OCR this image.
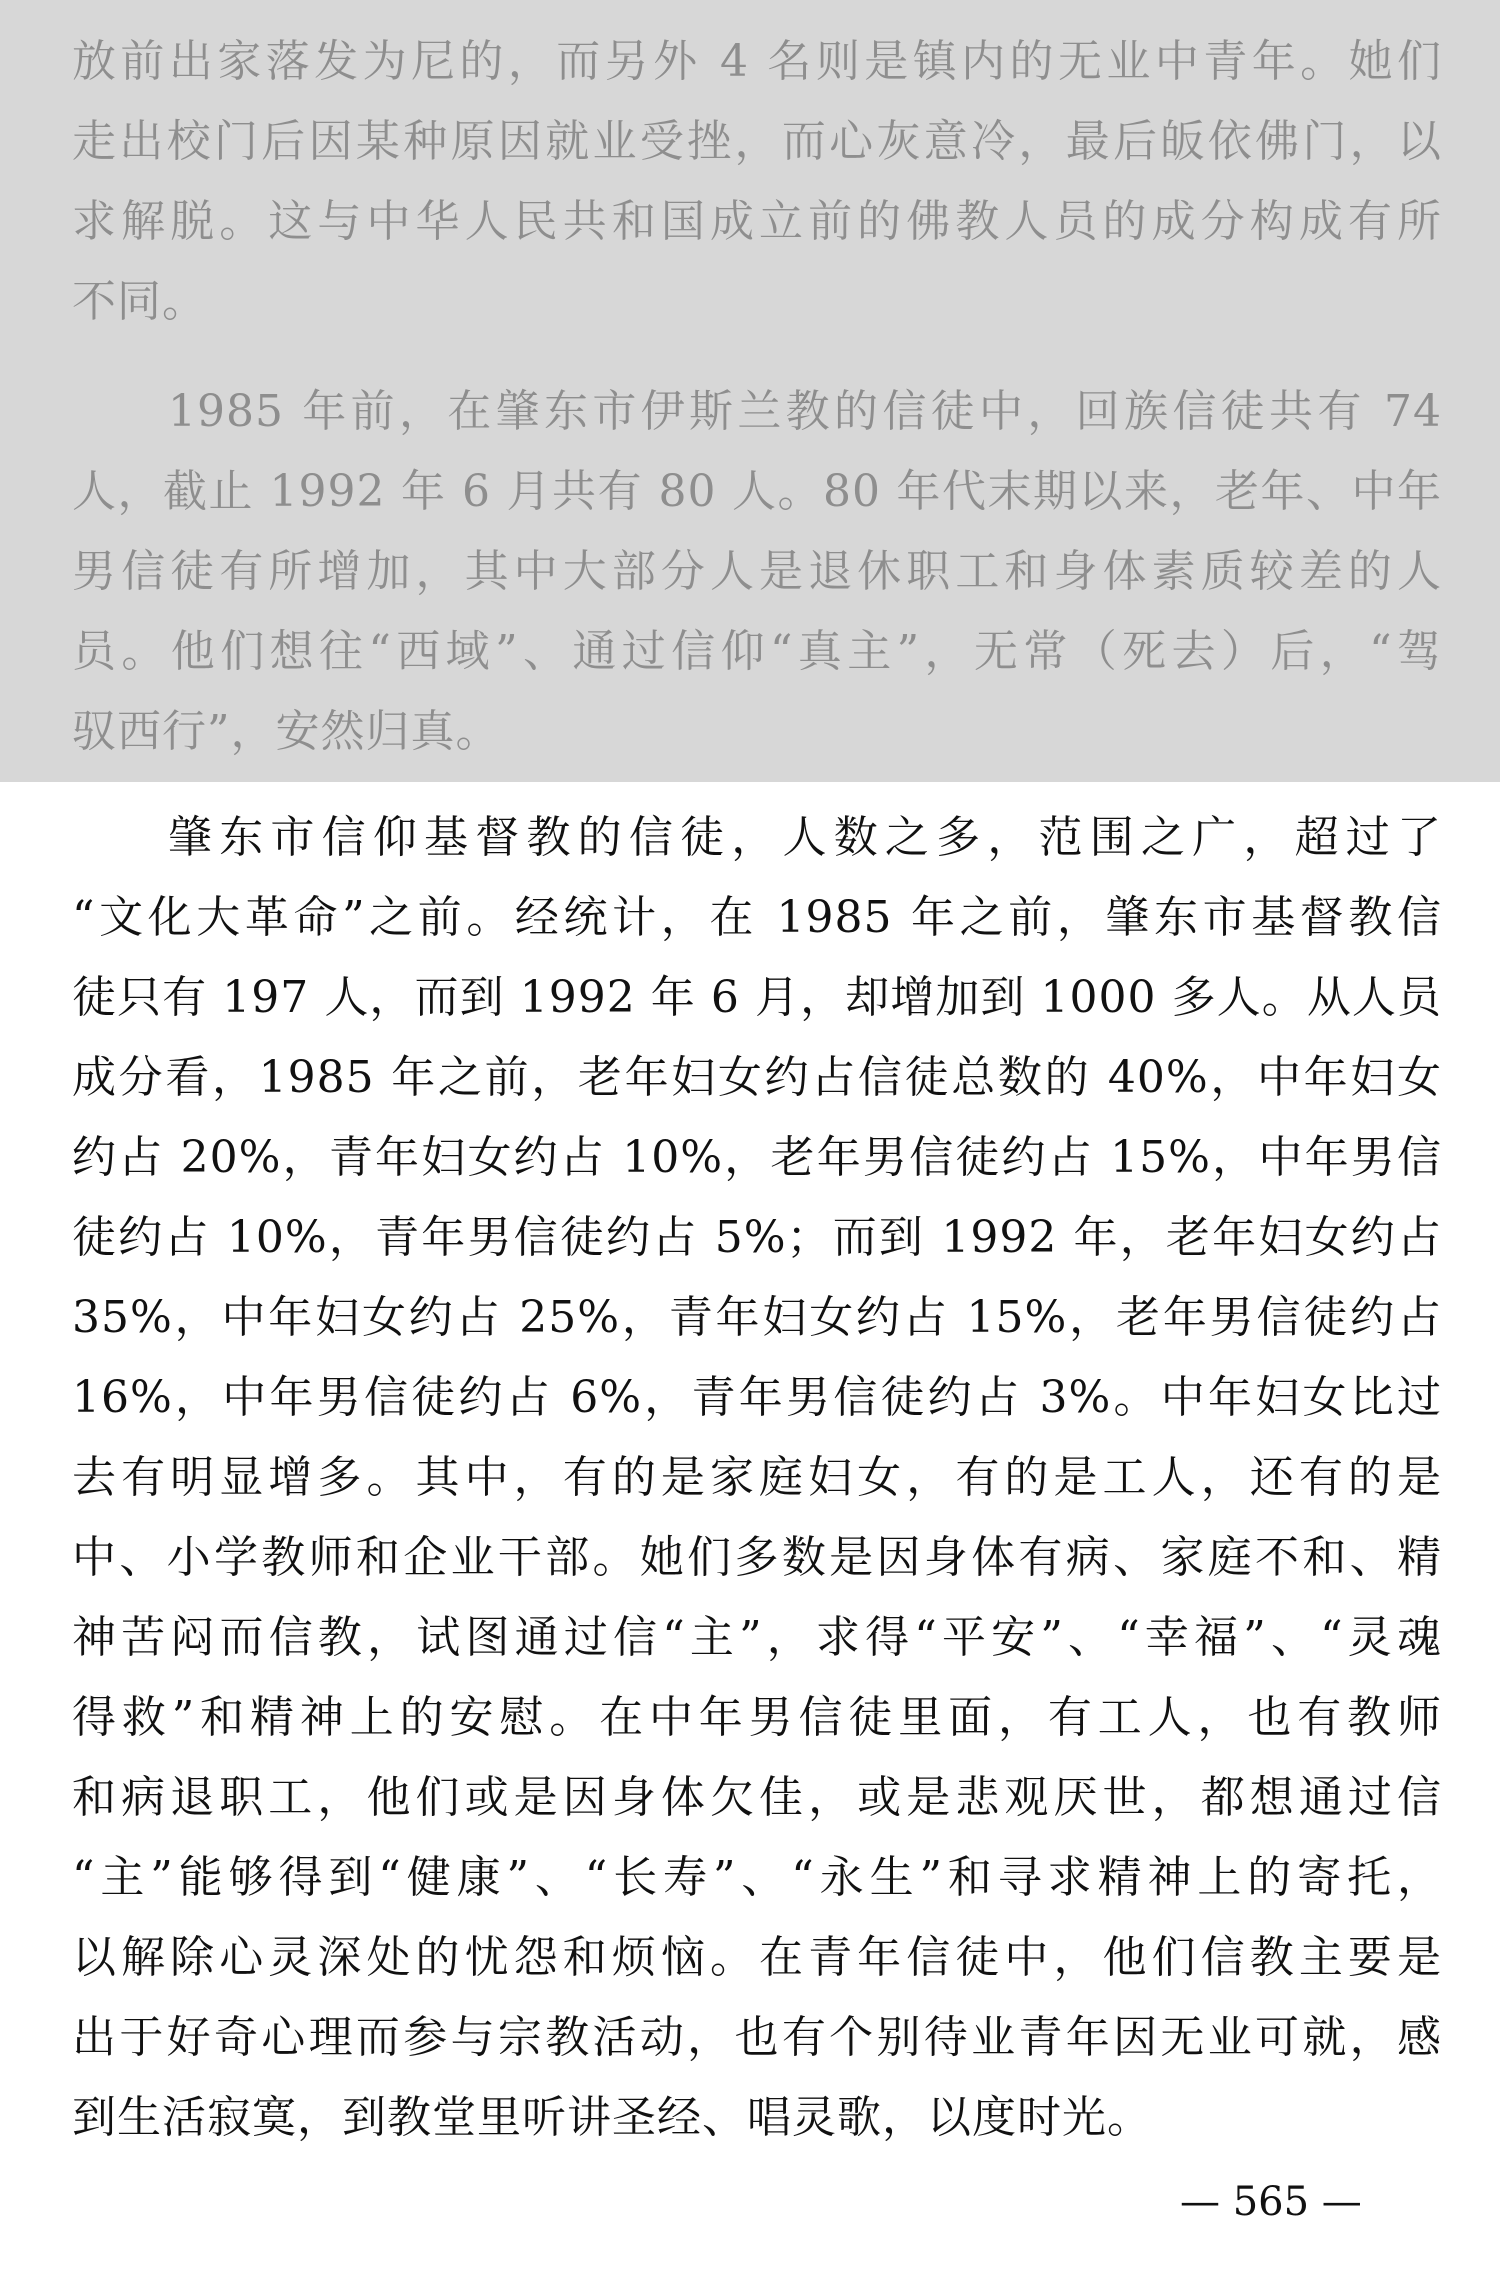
放前出家落发为尼的，而另外 4 名则是镇内的无业中青年。她们
走出校门后因某种原因就业受挫，而心灰意冷，最后皈依佛门，以
求解脱。这与中华人民共和国成立前的佛教人员的成分构成有所
不同。
1985 年前，在肇东市伊斯兰教的信徒中，回族信徒共有 74
人，截止 1992 年 6 月共有 80 人。80 年代末期以来，老年、中年
男信徒有所增加，其中大部分人是退休职工和身体素质较差的人
员。他们想往“西域”、通过信仰“真主”，无常（死去）后，“驾
驭西行”，安然归真。
肇东市信仰基督教的信徒，人数之多，范围之广，超过了
“文化大革命”之前。经统计，在 1985 年之前，肇东市基督教信
徒只有 197 人，而到 1992 年 6 月，却增加到 1000 多人。从人员
成分看，1985 年之前，老年妇女约占信徒总数的 40%，中年妇女
约占 20%，青年妇女约占 10%，老年男信徒约占 15%，中年男信
徒约占 10%，青年男信徒约占 5%；而到 1992 年，老年妇女约占
35%，中年妇女约占 25%，青年妇女约占 15%，老年男信徒约占
16%，中年男信徒约占 6%，青年男信徒约占 3%。中年妇女比过
去有明显增多。其中，有的是家庭妇女，有的是工人，还有的是
中、小学教师和企业干部。她们多数是因身体有病、家庭不和、精
神苦闷而信教，试图通过信“主”，求得“平安”、“幸福”、“灵魂
得救”和精神上的安慰。在中年男信徒里面，有工人，也有教师
和病退职工，他们或是因身体欠佳，或是悲观厌世，都想通过信
“主”能够得到“健康”、“长寿”、“永生”和寻求精神上的寄托，
以解除心灵深处的忧怨和烦恼。在青年信徒中，他们信教主要是
出于好奇心理而参与宗教活动，也有个别待业青年因无业可就，感
到生活寂寞，到教堂里听讲圣经、唱灵歌，以度时光。
— 565 —
